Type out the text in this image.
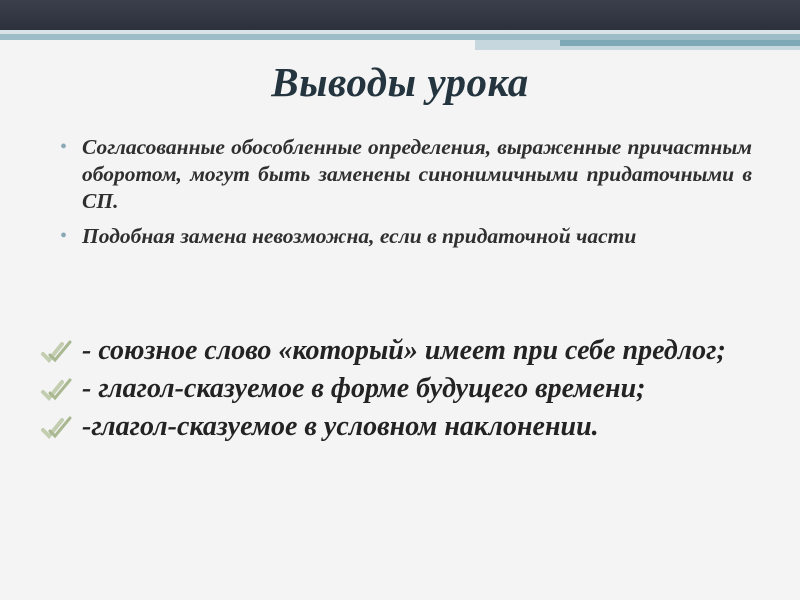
Выводы урока
• Согласованные обособленные определения, выраженные причастным оборотом, могут быть заменены синонимичными придаточными в СП.
• Подобная замена невозможна, если в придаточной части
- союзное слово «который» имеет при себе предлог;
- глагол-сказуемое в форме будущего времени;
-глагол-сказуемое в условном наклонении.
